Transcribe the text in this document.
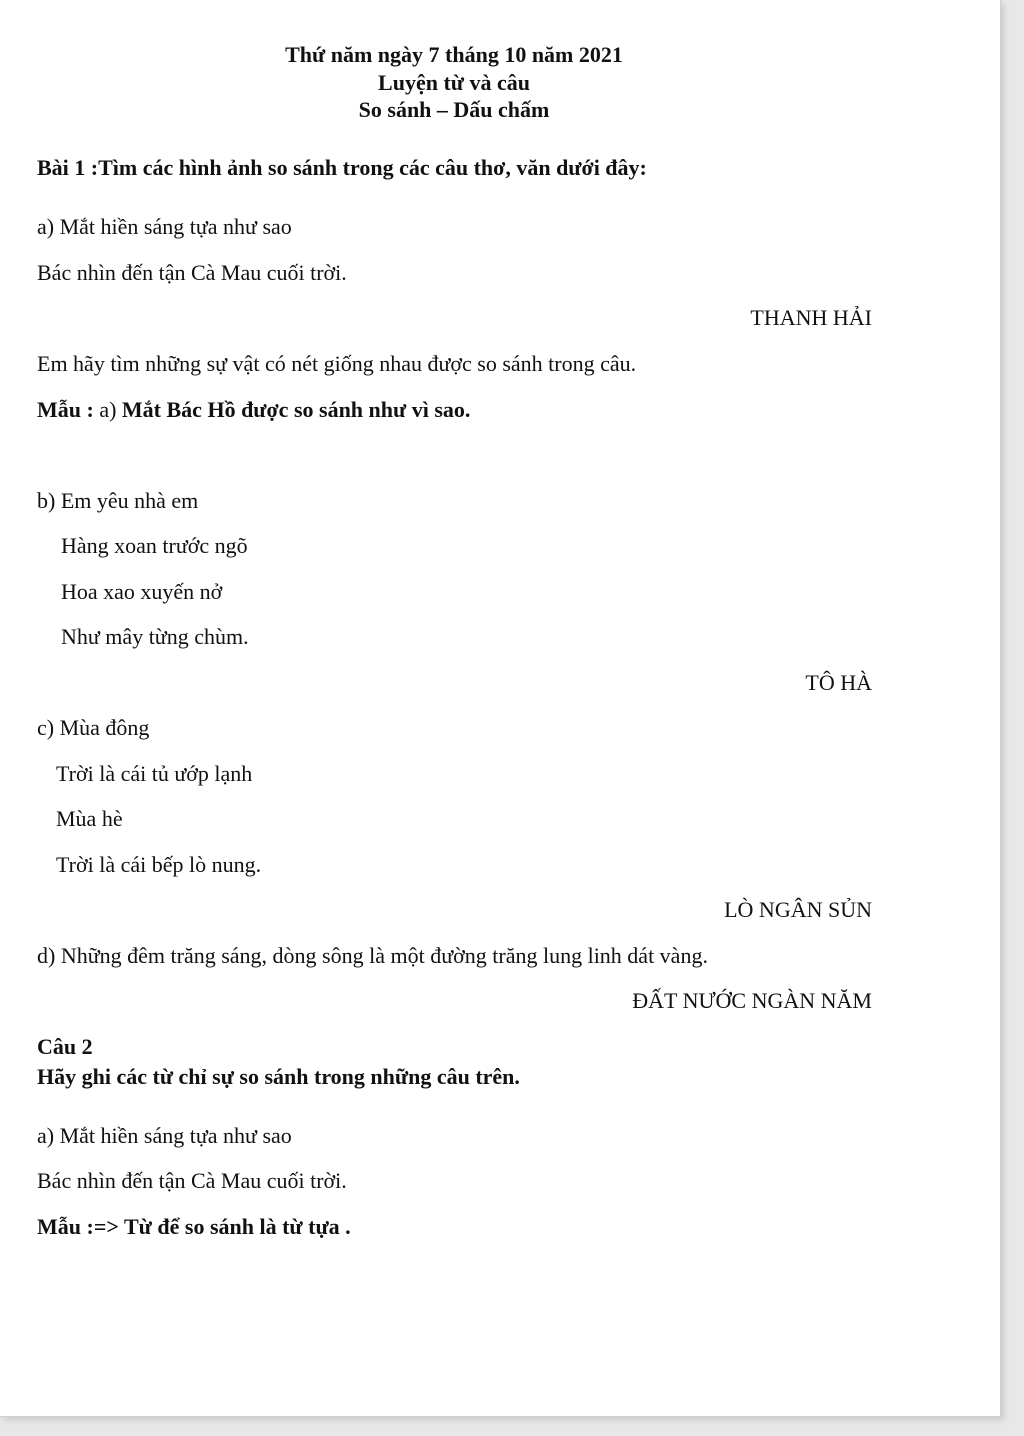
Thứ năm ngày 7 tháng 10 năm 2021
Luyện từ và câu
So sánh – Dấu chấm
Bài 1 :Tìm các hình ảnh so sánh trong các câu thơ, văn dưới đây:
a) Mắt hiền sáng tựa như sao
Bác nhìn đến tận Cà Mau cuối trời.
THANH HẢI
Em hãy tìm những sự vật có nét giống nhau được so sánh trong câu.
Mẫu : a) Mắt Bác Hồ được so sánh như vì sao.
b) Em yêu nhà em
Hàng xoan trước ngõ
Hoa xao xuyến nở
Như mây từng chùm.
TÔ HÀ
c) Mùa đông
Trời là cái tủ ướp lạnh
Mùa hè
Trời là cái bếp lò nung.
LÒ NGÂN SỦN
d) Những đêm trăng sáng, dòng sông là một đường trăng lung linh dát vàng.
ĐẤT NƯỚC NGÀN NĂM
Câu 2
Hãy ghi các từ chỉ sự so sánh trong những câu trên.
a) Mắt hiền sáng tựa như sao
Bác nhìn đến tận Cà Mau cuối trời.
Mẫu :=> Từ để so sánh là từ tựa .
